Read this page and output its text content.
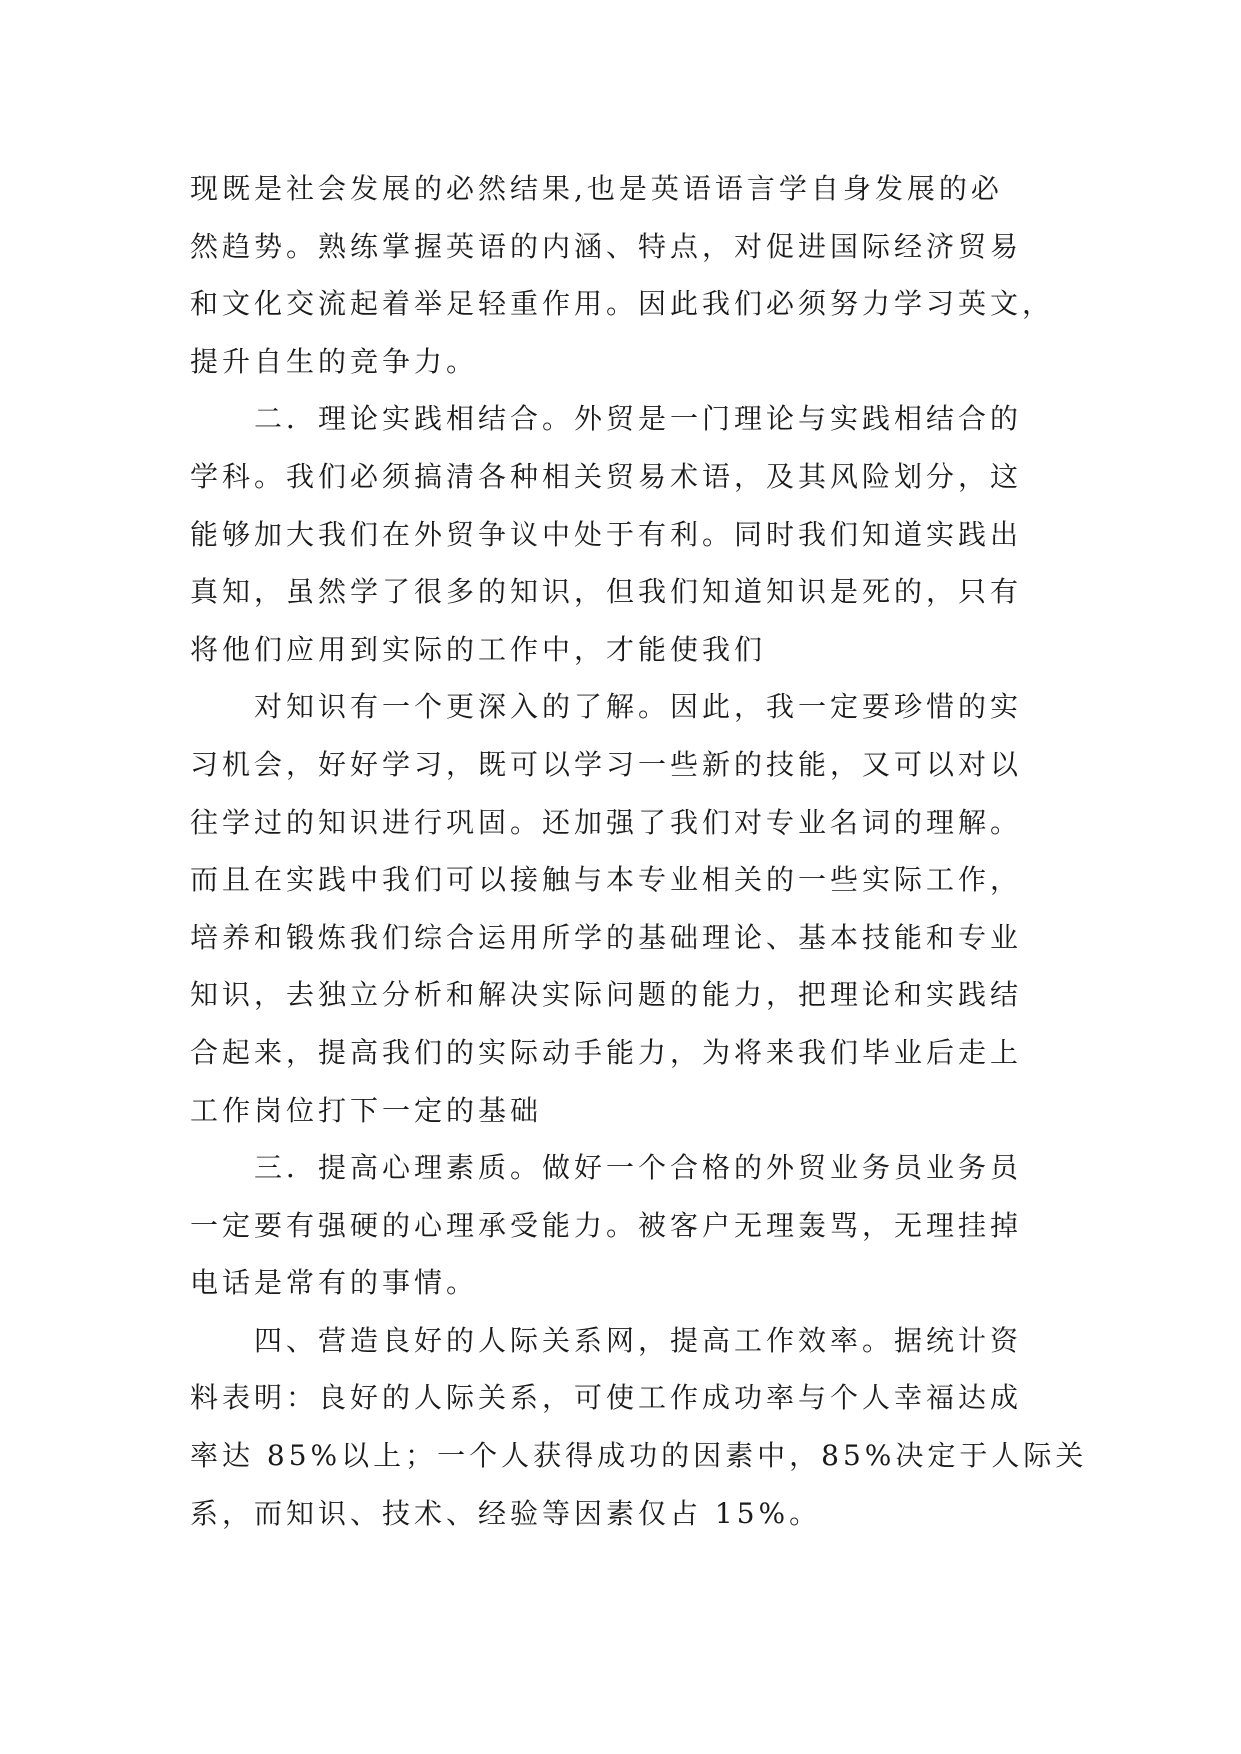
现既是社会发展的必然结果,也是英语语言学自身发展的必
然趋势。熟练掌握英语的内涵、特点，对促进国际经济贸易
和文化交流起着举足轻重作用。因此我们必须努力学习英文，
提升自生的竞争力。
二．理论实践相结合。外贸是一门理论与实践相结合的
学科。我们必须搞清各种相关贸易术语，及其风险划分，这
能够加大我们在外贸争议中处于有利。同时我们知道实践出
真知，虽然学了很多的知识，但我们知道知识是死的，只有
将他们应用到实际的工作中，才能使我们
对知识有一个更深入的了解。因此，我一定要珍惜的实
习机会，好好学习，既可以学习一些新的技能，又可以对以
往学过的知识进行巩固。还加强了我们对专业名词的理解。
而且在实践中我们可以接触与本专业相关的一些实际工作，
培养和锻炼我们综合运用所学的基础理论、基本技能和专业
知识，去独立分析和解决实际问题的能力，把理论和实践结
合起来，提高我们的实际动手能力，为将来我们毕业后走上
工作岗位打下一定的基础
三．提高心理素质。做好一个合格的外贸业务员业务员
一定要有强硬的心理承受能力。被客户无理轰骂，无理挂掉
电话是常有的事情。
四、营造良好的人际关系网，提高工作效率。据统计资
料表明：良好的人际关系，可使工作成功率与个人幸福达成
率达 85%以上；一个人获得成功的因素中，85%决定于人际关
系，而知识、技术、经验等因素仅占 15%。
